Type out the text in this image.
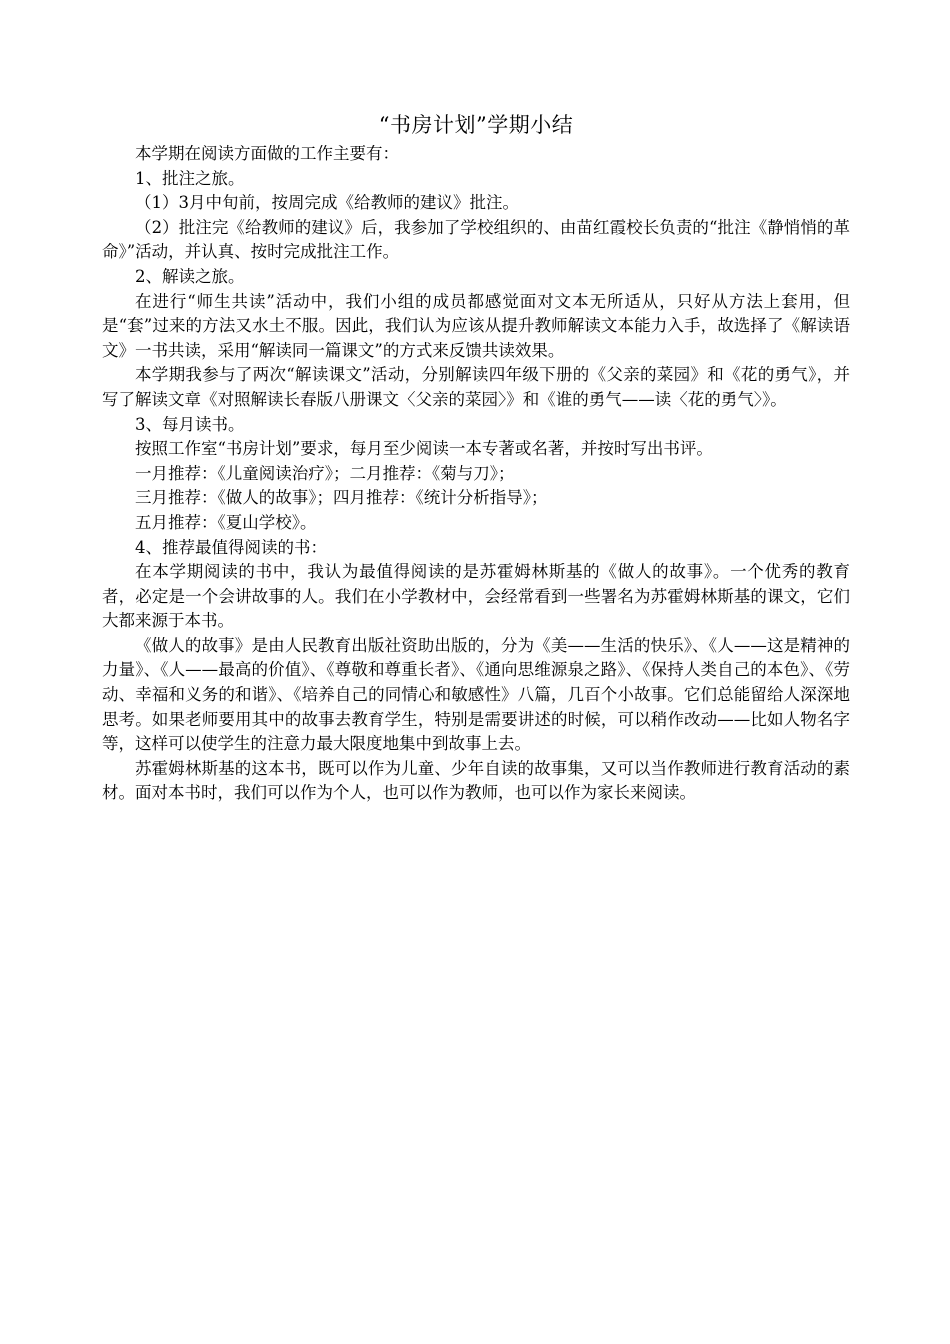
“书房计划”学期小结

本学期在阅读方面做的工作主要有：

1、批注之旅。

（1）3月中旬前，按周完成《给教师的建议》批注。

（2）批注完《给教师的建议》后，我参加了学校组织的、由苗红霞校长负责的“批注《静悄悄的革命》”活动，并认真、按时完成批注工作。

2、解读之旅。

在进行“师生共读”活动中，我们小组的成员都感觉面对文本无所适从，只好从方法上套用，但是“套”过来的方法又水土不服。因此，我们认为应该从提升教师解读文本能力入手，故选择了《解读语文》一书共读，采用“解读同一篇课文”的方式来反馈共读效果。

本学期我参与了两次“解读课文”活动，分别解读四年级下册的《父亲的菜园》和《花的勇气》，并写了解读文章《对照解读长春版八册课文〈父亲的菜园〉》和《谁的勇气——读〈花的勇气〉》。

3、每月读书。

按照工作室“书房计划”要求，每月至少阅读一本专著或名著，并按时写出书评。

一月推荐：《儿童阅读治疗》；二月推荐：《菊与刀》；

三月推荐：《做人的故事》；四月推荐：《统计分析指导》；

五月推荐：《夏山学校》。

4、推荐最值得阅读的书：

在本学期阅读的书中，我认为最值得阅读的是苏霍姆林斯基的《做人的故事》。一个优秀的教育者，必定是一个会讲故事的人。我们在小学教材中，会经常看到一些署名为苏霍姆林斯基的课文，它们大都来源于本书。

《做人的故事》是由人民教育出版社资助出版的，分为《美——生活的快乐》、《人——这是精神的力量》、《人——最高的价值》、《尊敬和尊重长者》、《通向思维源泉之路》、《保持人类自己的本色》、《劳动、幸福和义务的和谐》、《培养自己的同情心和敏感性》八篇，几百个小故事。它们总能留给人深深地思考。如果老师要用其中的故事去教育学生，特别是需要讲述的时候，可以稍作改动——比如人物名字等，这样可以使学生的注意力最大限度地集中到故事上去。

苏霍姆林斯基的这本书，既可以作为儿童、少年自读的故事集，又可以当作教师进行教育活动的素材。面对本书时，我们可以作为个人，也可以作为教师，也可以作为家长来阅读。
